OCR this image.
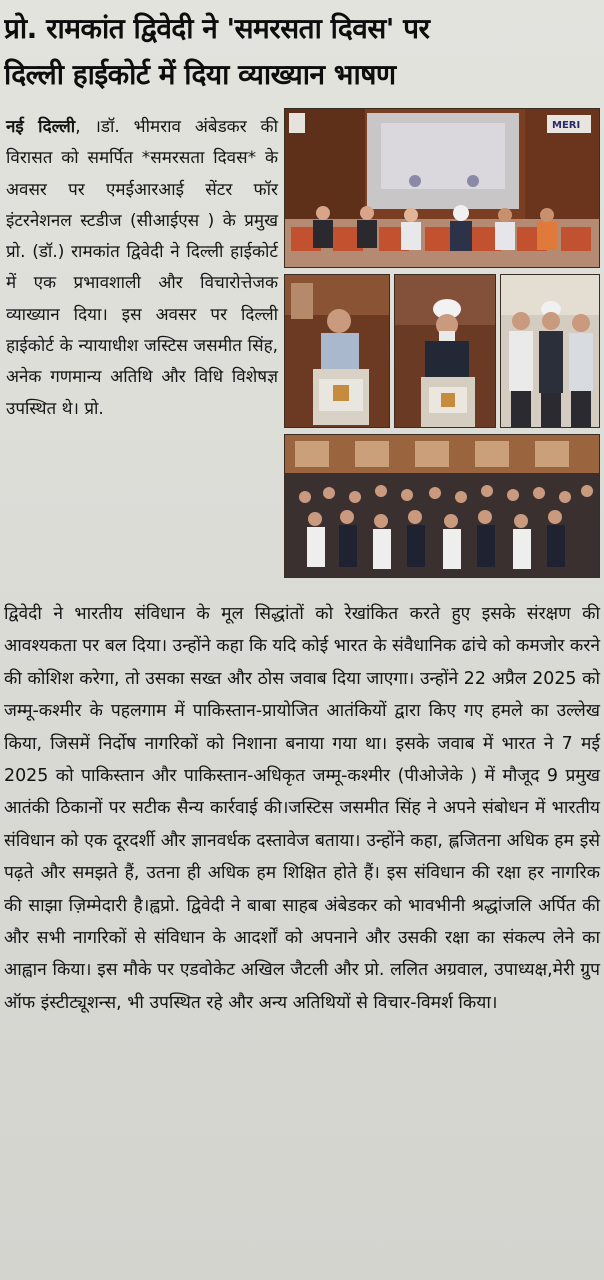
प्रो. रामकांत द्विवेदी ने 'समरसता दिवस' पर
दिल्ली हाईकोर्ट में दिया व्याख्यान भाषण
नई दिल्ली, ।डॉ. भीमराव अंबेडकर की विरासत को समर्पित *समरसता दिवस* के अवसर पर एमईआरआई सेंटर फॉर इंटरनेशनल स्टडीज (सीआईएस ) के प्रमुख प्रो. (डॉ.) रामकांत द्विवेदी ने दिल्ली हाईकोर्ट में एक प्रभावशाली और विचारोत्तेजक व्याख्यान दिया। इस अवसर पर दिल्ली हाईकोर्ट के न्यायाधीश जस्टिस जसमीत सिंह, अनेक गणमान्य अतिथि और विधि विशेषज्ञ उपस्थित थे। प्रो.
MERI
द्विवेदी ने भारतीय संविधान के मूल सिद्धांतों को रेखांकित करते हुए इसके संरक्षण की आवश्यकता पर बल दिया। उन्होंने कहा कि यदि कोई भारत के संवैधानिक ढांचे को कमजोर करने की कोशिश करेगा, तो उसका सख्त और ठोस जवाब दिया जाएगा। उन्होंने 22 अप्रैल 2025 को जम्मू-कश्मीर के पहलगाम में पाकिस्तान-प्रायोजित आतंकियों द्वारा किए गए हमले का उल्लेख किया, जिसमें निर्दोष नागरिकों को निशाना बनाया गया था। इसके जवाब में भारत ने 7 मई 2025 को पाकिस्तान और पाकिस्तान-अधिकृत जम्मू-कश्मीर (पीओजेके ) में मौजूद 9 प्रमुख आतंकी ठिकानों पर सटीक सैन्य कार्रवाई की।जस्टिस जसमीत सिंह ने अपने संबोधन में भारतीय संविधान को एक दूरदर्शी और ज्ञानवर्धक दस्तावेज बताया। उन्होंने कहा, ह्लजितना अधिक हम इसे पढ़ते और समझते हैं, उतना ही अधिक हम शिक्षित होते हैं। इस संविधान की रक्षा हर नागरिक की साझा ज़िम्मेदारी है।ह्वप्रो. द्विवेदी ने बाबा साहब अंबेडकर को भावभीनी श्रद्धांजलि अर्पित की और सभी नागरिकों से संविधान के आदर्शों को अपनाने और उसकी रक्षा का संकल्प लेने का आह्वान किया। इस मौके पर एडवोकेट अखिल जैटली और प्रो. ललित अग्रवाल, उपाध्यक्ष,मेरी ग्रुप ऑफ इंस्टीट्यूशन्स, भी उपस्थित रहे और अन्य अतिथियों से विचार-विमर्श किया।
